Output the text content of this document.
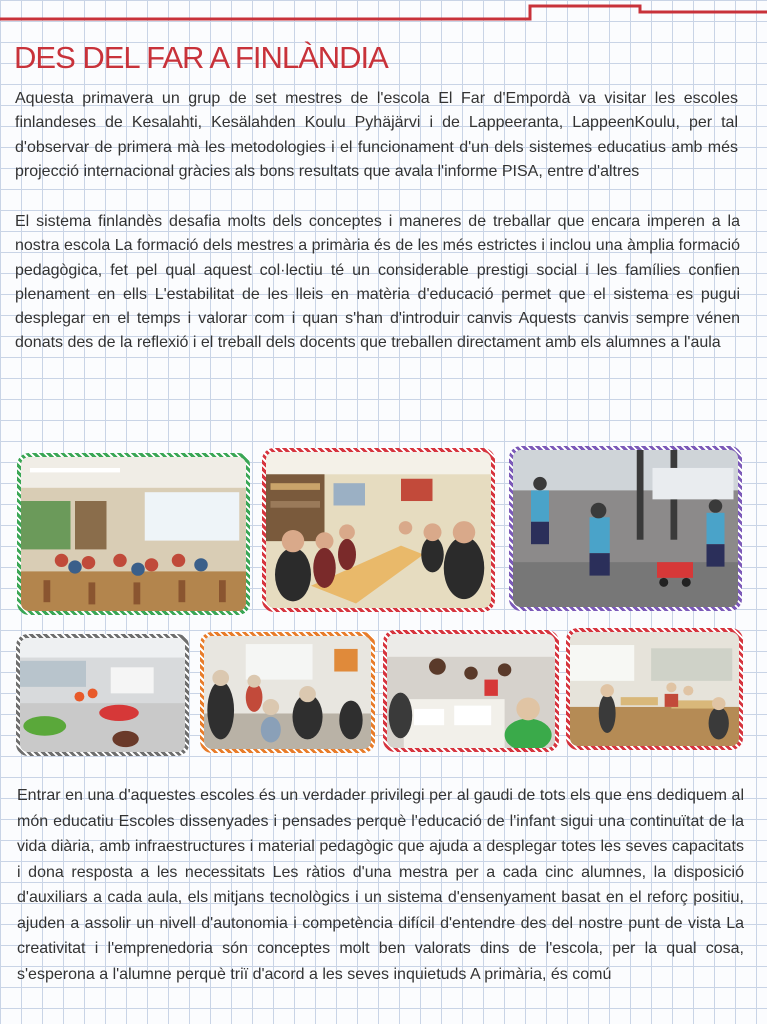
DES DEL FAR A FINLÀNDIA

Aquesta primavera un grup de set mestres de l'escola El Far d'Empordà va visitar les escoles finlandeses de Kesalahti, Kesälahden Koulu Pyhäjärvi i de Lappeeranta, LappeenKoulu, per tal d'observar de primera mà les metodologies i el funcionament d'un dels sistemes educatius amb més projecció internacional gràcies als bons resultats que avala l'informe PISA, entre d'altres

El sistema finlandès desafia molts dels conceptes i maneres de treballar que encara imperen a la nostra escola La formació dels mestres a primària és de les més estrictes i inclou una àmplia formació pedagògica, fet pel qual aquest col·lectiu té un considerable prestigi social i les famílies confien plenament en ells L'estabilitat de les lleis en matèria d'educació permet que el sistema es pugui desplegar en el temps i valorar com i quan s'han d'introduir canvis Aquests canvis sempre vénen donats des de la reflexió i el treball dels docents que treballen directament amb els alumnes a l'aula

Entrar en una d'aquestes escoles és un verdader privilegi per al gaudi de tots els que ens dediquem al món educatiu Escoles dissenyades i pensades perquè l'educació de l'infant sigui una continuïtat de la vida diària, amb infraestructures i material pedagògic que ajuda a desplegar totes les seves capacitats i dona resposta a les necessitats Les ràtios d'una mestra per a cada cinc alumnes, la disposició d'auxiliars a cada aula, els mitjans tecnològics i un sistema d'ensenyament basat en el reforç positiu, ajuden a assolir un nivell d'autonomia i competència difícil d'entendre des del nostre punt de vista La creativitat i l'emprenedoria són conceptes molt ben valorats dins de l'escola, per la qual cosa, s'esperona a l'alumne perquè triï d'acord a les seves inquietuds A primària, és comú
